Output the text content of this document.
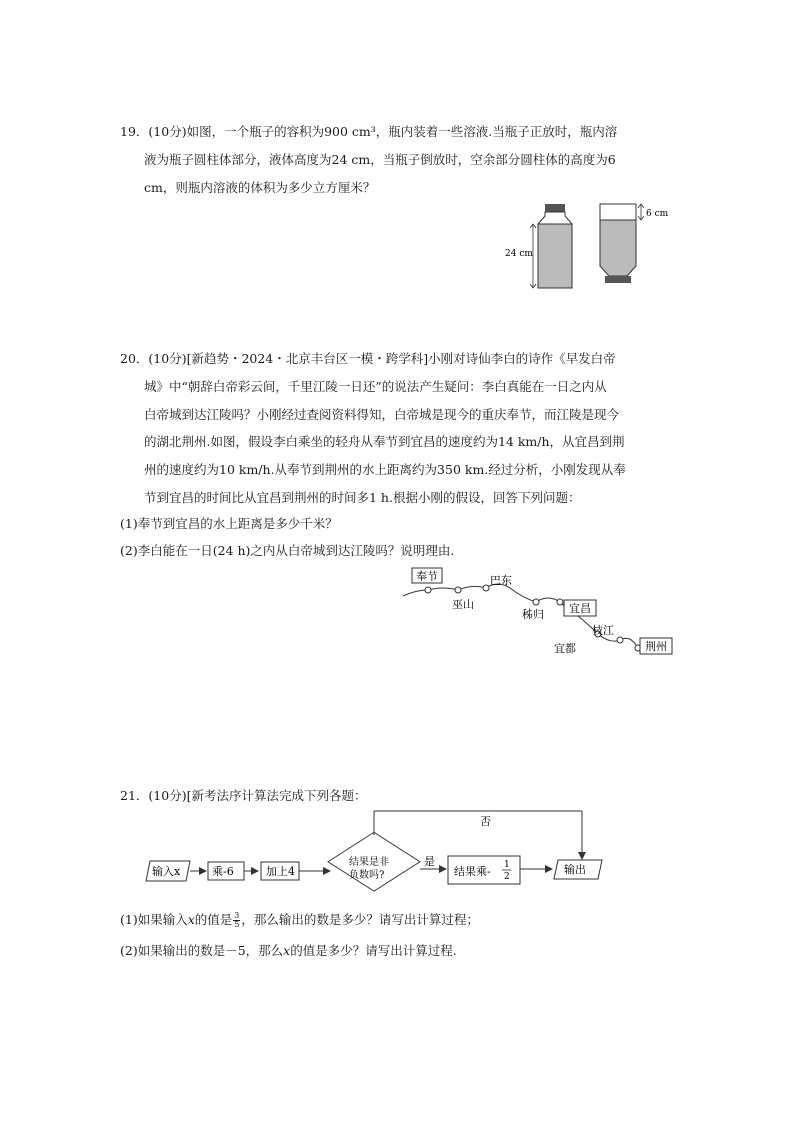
19．(10分)如图，一个瓶子的容积为900 cm³，瓶内装着一些溶液.当瓶子正放时，瓶内溶
液为瓶子圆柱体部分，液体高度为24 cm，当瓶子倒放时，空余部分圆柱体的高度为6
cm，则瓶内溶液的体积为多少立方厘米？
24 cm
6 cm
20．(10分)[新趋势・2024・北京丰台区一模・跨学科]小刚对诗仙李白的诗作《早发白帝
城》中“朝辞白帝彩云间，千里江陵一日还”的说法产生疑问：李白真能在一日之内从
白帝城到达江陵吗？小刚经过查阅资料得知，白帝城是现今的重庆奉节，而江陵是现今
的湖北荆州.如图，假设李白乘坐的轻舟从奉节到宜昌的速度约为14 km/h，从宜昌到荆
州的速度约为10 km/h.从奉节到荆州的水上距离约为350 km.经过分析，小刚发现从奉
节到宜昌的时间比从宜昌到荆州的时间多1 h.根据小刚的假设，回答下列问题：
(1)奉节到宜昌的水上距离是多少千米？
(2)李白能在一日(24 h)之内从白帝城到达江陵吗？说明理由.
奉节	巴东
巫山
秭归 宜昌
枝江
宜都	荆州
21．(10分)[新考法序计算法完成下列各题：
输入x	乘-6	加上4
结果是非
负数吗?
否
是
结果乘- 1
2
输出
(1)如果输入x的值是 $\frac{3}{5}$ ，那么输出的数是多少？请写出计算过程；
(2)如果输出的数是－5，那么x的值是多少？请写出计算过程.
